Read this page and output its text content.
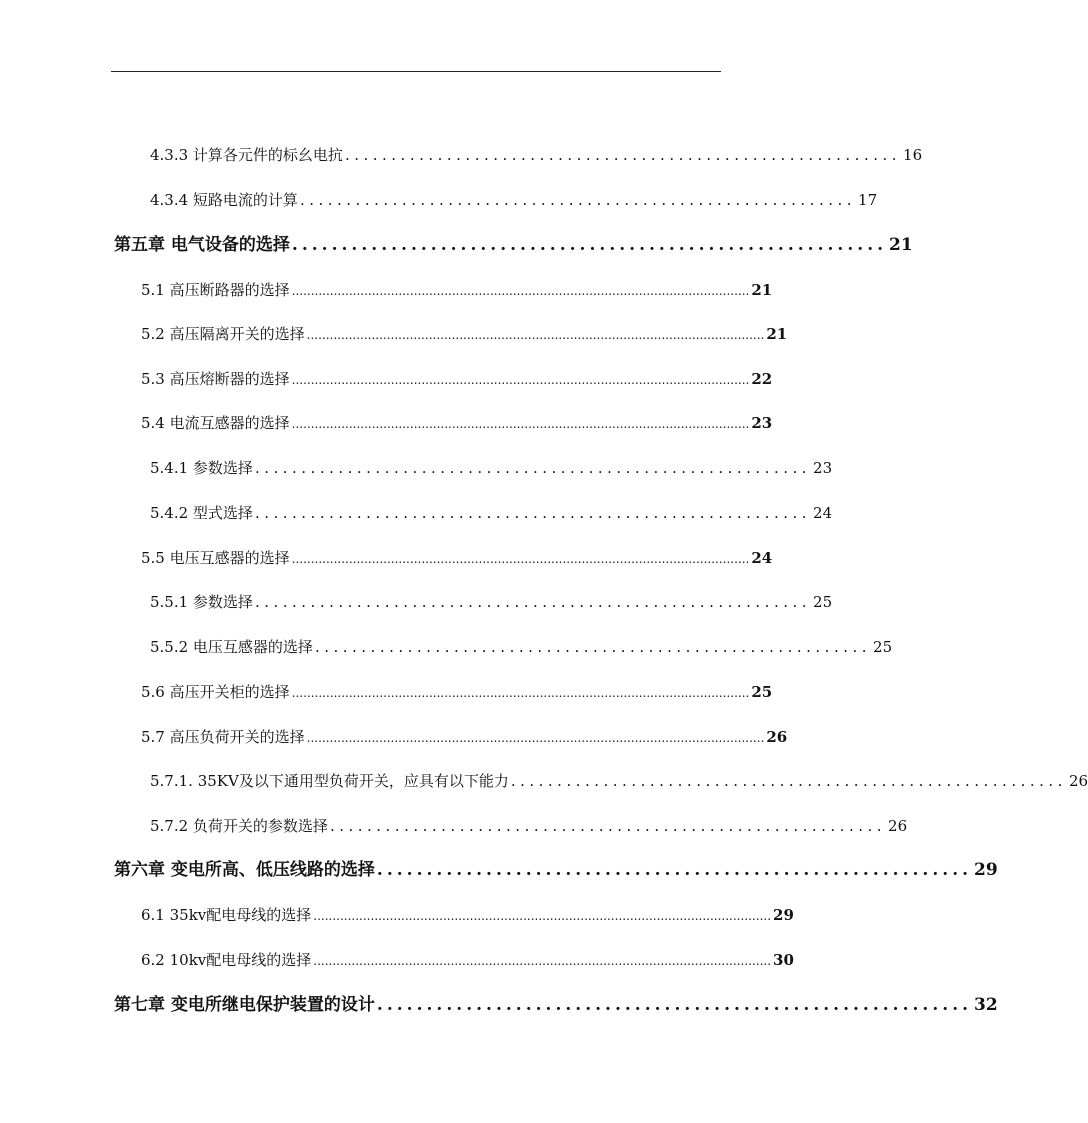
4.3.3 计算各元件的标幺电抗 ............................................................ 16
4.3.4 短路电流的计算 ............................................................ 17
第五章 电气设备的选择 ............................................................ 21
5.1 高压断路器的选择 ........................................................................................................................ 21
5.2 高压隔离开关的选择 ........................................................................................................................ 21
5.3 高压熔断器的选择 ........................................................................................................................ 22
5.4 电流互感器的选择 ........................................................................................................................ 23
5.4.1 参数选择 ............................................................ 23
5.4.2 型式选择 ............................................................ 24
5.5 电压互感器的选择 ........................................................................................................................ 24
5.5.1 参数选择 ............................................................ 25
5.5.2 电压互感器的选择 ............................................................ 25
5.6 高压开关柜的选择 ........................................................................................................................ 25
5.7 高压负荷开关的选择 ........................................................................................................................ 26
5.7.1. 35KV及以下通用型负荷开关，应具有以下能力 ............................................................ 26
5.7.2 负荷开关的参数选择 ............................................................ 26
第六章 变电所高、低压线路的选择 ............................................................ 29
6.1 35kv配电母线的选择 ........................................................................................................................ 29
6.2 10kv配电母线的选择 ........................................................................................................................ 30
第七章 变电所继电保护装置的设计 ............................................................ 32
